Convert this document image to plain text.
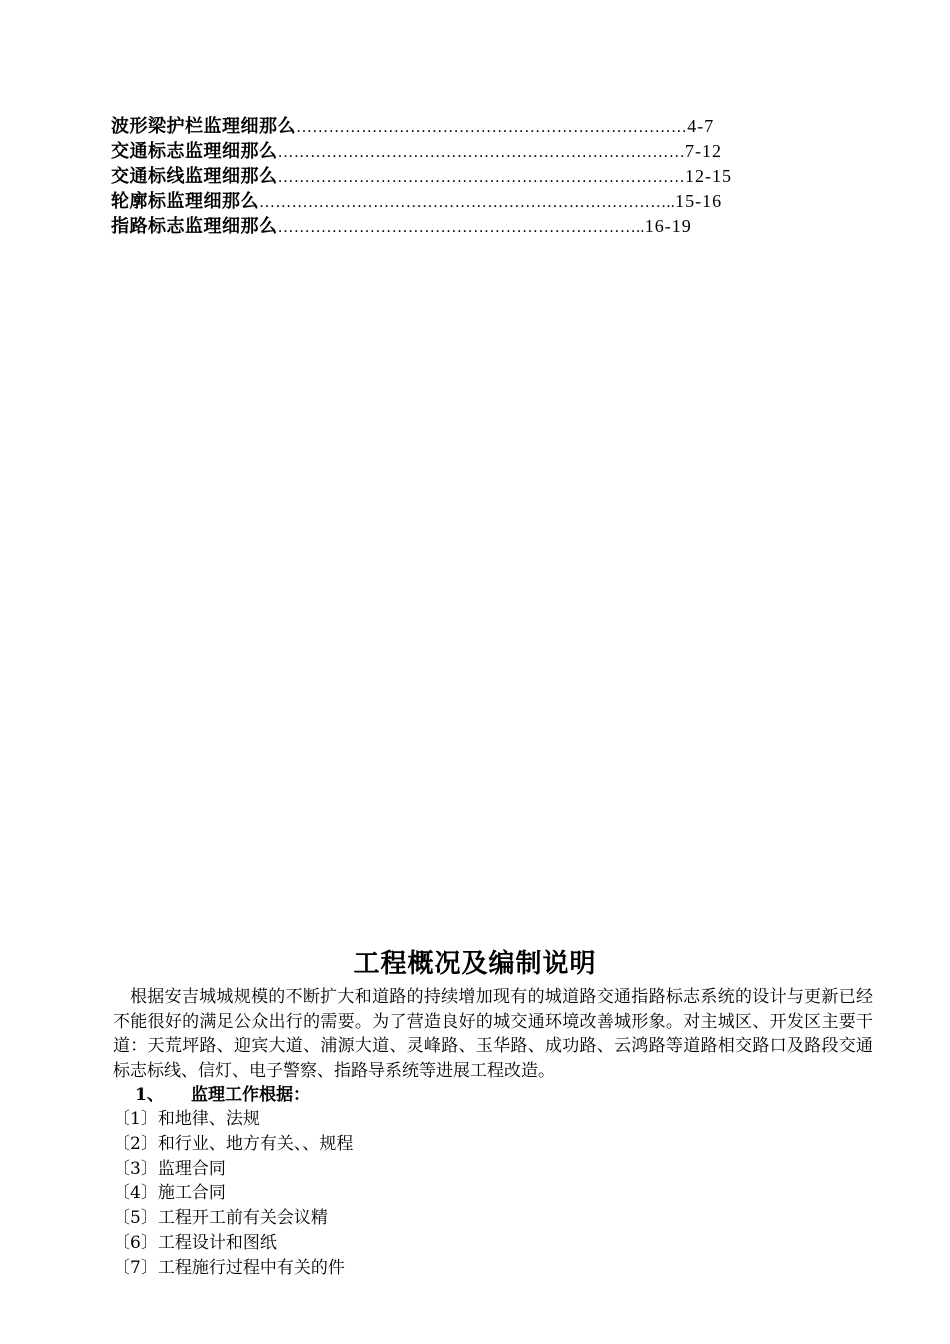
波形梁护栏监理细那么………………………………………………………………4-7
交通标志监理细那么…………………………………………………………………7-12
交通标线监理细那么…………………………………………………………………12-15
轮廓标监理细那么…………………………………………………………………..15-16
指路标志监理细那么…………………………………………………………..16-19
工程概况及编制说明
根据安吉城城规模的不断扩大和道路的持续增加现有的城道路交通指路标志系统的设计与更新已经不能很好的满足公众出行的需要。为了营造良好的城交通环境改善城形象。对主城区、开发区主要干道：天荒坪路、迎宾大道、浦源大道、灵峰路、玉华路、成功路、云鸿路等道路相交路口及路段交通标志标线、信灯、电子警察、指路导系统等进展工程改造。
1、 监理工作根据：
〔1〕和地律、法规
〔2〕和行业、地方有关、、规程
〔3〕监理合同
〔4〕施工合同
〔5〕工程开工前有关会议精
〔6〕工程设计和图纸
〔7〕工程施行过程中有关的件
